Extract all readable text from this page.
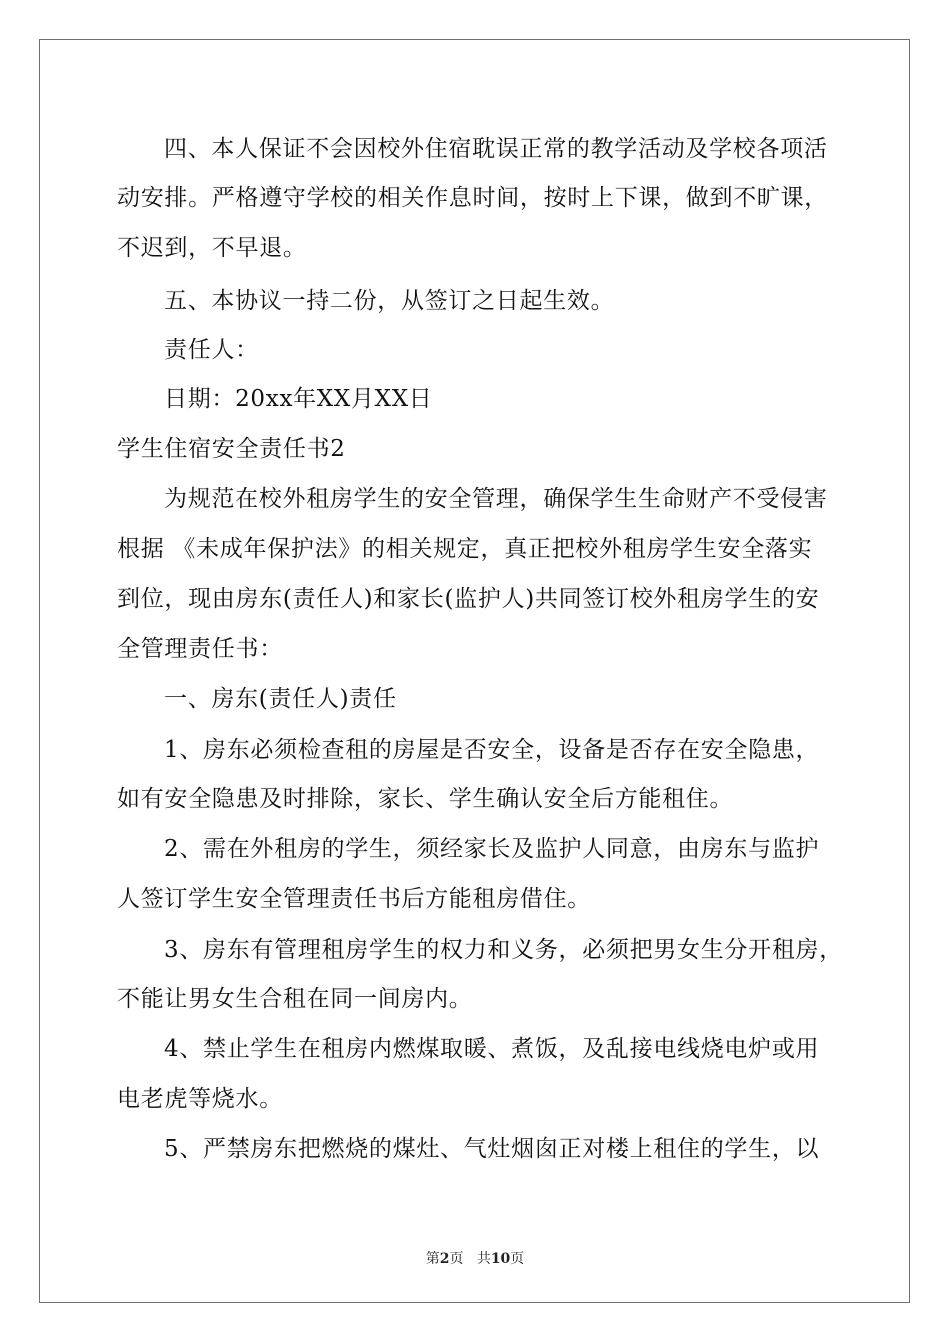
四、本人保证不会因校外住宿耽误正常的教学活动及学校各项活
动安排。严格遵守学校的相关作息时间，按时上下课，做到不旷课，
不迟到，不早退。
五、本协议一持二份，从签订之日起生效。
责任人：
日期：20xx年XX月XX日
学生住宿安全责任书2
为规范在校外租房学生的安全管理，确保学生生命财产不受侵害
根据 《未成年保护法》的相关规定，真正把校外租房学生安全落实
到位，现由房东(责任人)和家长(监护人)共同签订校外租房学生的安
全管理责任书：
一、房东(责任人)责任
1、房东必须检查租的房屋是否安全，设备是否存在安全隐患，
如有安全隐患及时排除，家长、学生确认安全后方能租住。
2、需在外租房的学生，须经家长及监护人同意，由房东与监护
人签订学生安全管理责任书后方能租房借住。
3、房东有管理租房学生的权力和义务，必须把男女生分开租房，
不能让男女生合租在同一间房内。
4、禁止学生在租房内燃煤取暖、煮饭，及乱接电线烧电炉或用
电老虎等烧水。
5、严禁房东把燃烧的煤灶、气灶烟囱正对楼上租住的学生，以
第2页 共10页
